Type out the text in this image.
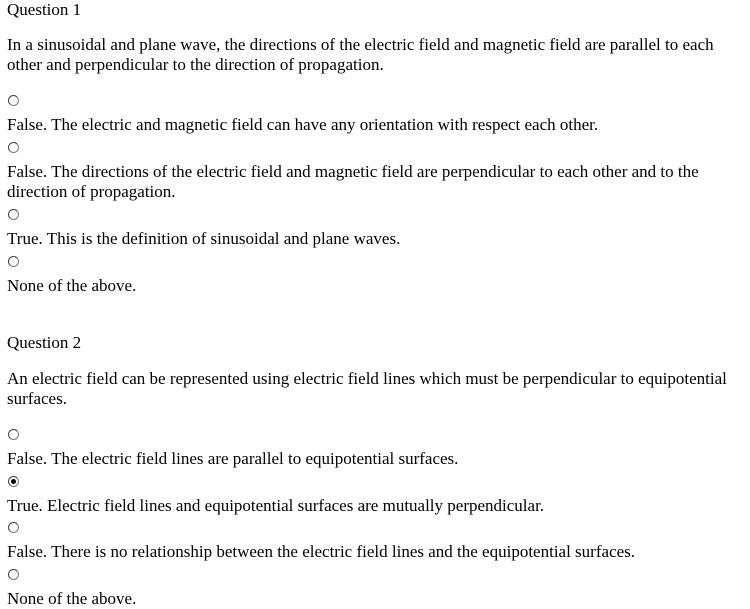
Question 1
In a sinusoidal and plane wave, the directions of the electric field and magnetic field are parallel to each other and perpendicular to the direction of propagation.
False. The electric and magnetic field can have any orientation with respect each other.
False. The directions of the electric field and magnetic field are perpendicular to each other and to the direction of propagation.
True. This is the definition of sinusoidal and plane waves.
None of the above.
Question 2
An electric field can be represented using electric field lines which must be perpendicular to equipotential surfaces.
False. The electric field lines are parallel to equipotential surfaces.
True. Electric field lines and equipotential surfaces are mutually perpendicular.
False. There is no relationship between the electric field lines and the equipotential surfaces.
None of the above.
